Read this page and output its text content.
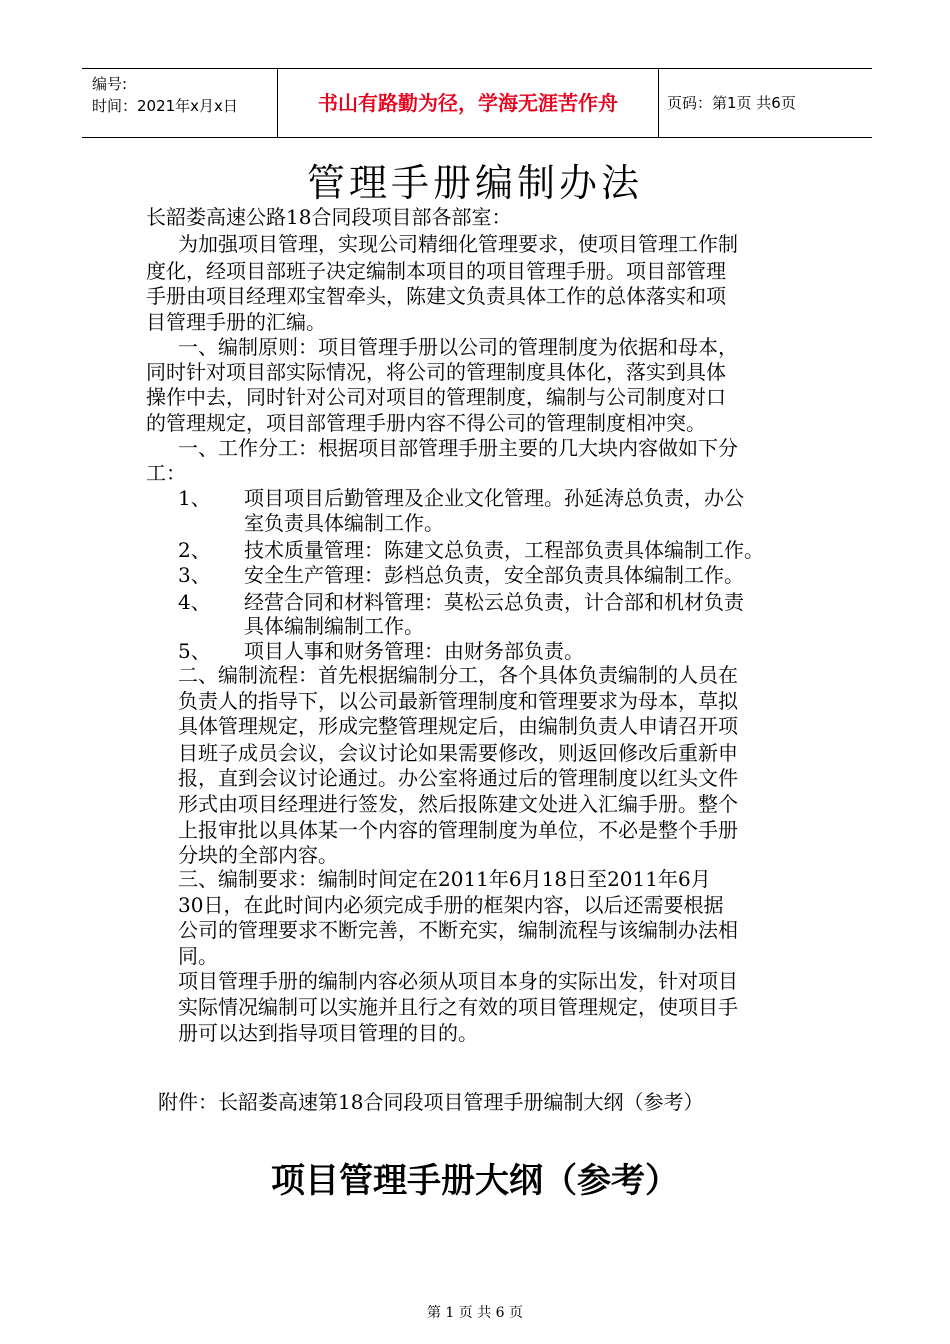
编号:
时间：2021年x月x日	书山有路勤为径，学海无涯苦作舟	页码：第1页 共6页
管理手册编制办法
长韶娄高速公路18合同段项目部各部室：
为加强项目管理，实现公司精细化管理要求，使项目管理工作制
度化，经项目部班子决定编制本项目的项目管理手册。项目部管理
手册由项目经理邓宝智牵头，陈建文负责具体工作的总体落实和项
目管理手册的汇编。
一、编制原则：项目管理手册以公司的管理制度为依据和母本，
同时针对项目部实际情况，将公司的管理制度具体化，落实到具体
操作中去，同时针对公司对项目的管理制度，编制与公司制度对口
的管理规定，项目部管理手册内容不得公司的管理制度相冲突。
一、工作分工：根据项目部管理手册主要的几大块内容做如下分
工：
1、 项目项目后勤管理及企业文化管理。孙延涛总负责，办公
室负责具体编制工作。
2、 技术质量管理：陈建文总负责，工程部负责具体编制工作。
3、 安全生产管理：彭档总负责，安全部负责具体编制工作。
4、 经营合同和材料管理：莫松云总负责，计合部和机材负责
具体编制编制工作。
5、 项目人事和财务管理：由财务部负责。
二、编制流程：首先根据编制分工，各个具体负责编制的人员在
负责人的指导下，以公司最新管理制度和管理要求为母本，草拟
具体管理规定，形成完整管理规定后，由编制负责人申请召开项
目班子成员会议，会议讨论如果需要修改，则返回修改后重新申
报，直到会议讨论通过。办公室将通过后的管理制度以红头文件
形式由项目经理进行签发，然后报陈建文处进入汇编手册。整个
上报审批以具体某一个内容的管理制度为单位，不必是整个手册
分块的全部内容。
三、编制要求：编制时间定在2011年6月18日至2011年6月
30日，在此时间内必须完成手册的框架内容，以后还需要根据
公司的管理要求不断完善，不断充实，编制流程与该编制办法相
同。
项目管理手册的编制内容必须从项目本身的实际出发，针对项目
实际情况编制可以实施并且行之有效的项目管理规定，使项目手
册可以达到指导项目管理的目的。
附件：长韶娄高速第18合同段项目管理手册编制大纲（参考）
项目管理手册大纲（参考）
第 1 页 共 6 页
